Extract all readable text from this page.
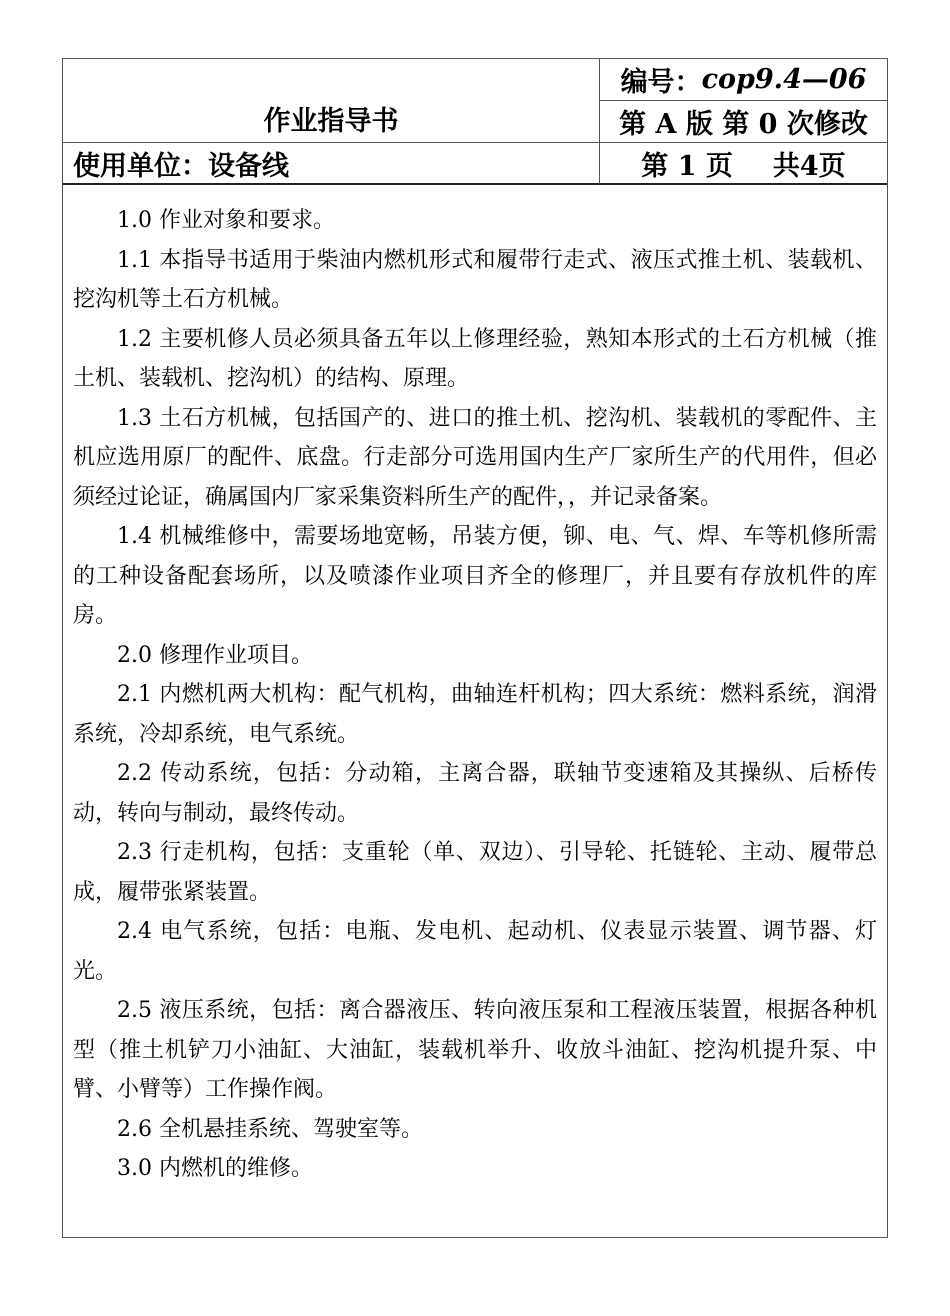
作业指导书
编号： cop9.4—06
第 A 版 第 0 次修改
使用单位：设备线	第 1 页 共4页

1.0 作业对象和要求。

1.1 本指导书适用于柴油内燃机形式和履带行走式、液压式推土机、装载机、挖沟机等土石方机械。

1.2 主要机修人员必须具备五年以上修理经验，熟知本形式的土石方机械（推土机、装载机、挖沟机）的结构、原理。

1.3 土石方机械，包括国产的、进口的推土机、挖沟机、装载机的零配件、主机应选用原厂的配件、底盘。行走部分可选用国内生产厂家所生产的代用件，但必须经过论证，确属国内厂家采集资料所生产的配件，，并记录备案。

1.4 机械维修中，需要场地宽畅，吊装方便，铆、电、气、焊、车等机修所需的工种设备配套场所，以及喷漆作业项目齐全的修理厂，并且要有存放机件的库房。

2.0 修理作业项目。

2.1 内燃机两大机构：配气机构，曲轴连杆机构；四大系统：燃料系统，润滑系统，冷却系统，电气系统。

2.2 传动系统，包括：分动箱，主离合器，联轴节变速箱及其操纵、后桥传动，转向与制动，最终传动。

2.3 行走机构，包括：支重轮（单、双边）、引导轮、托链轮、主动、履带总成，履带张紧装置。

2.4 电气系统，包括：电瓶、发电机、起动机、仪表显示装置、调节器、灯光。

2.5 液压系统，包括：离合器液压、转向液压泵和工程液压装置，根据各种机型（推土机铲刀小油缸、大油缸，装载机举升、收放斗油缸、挖沟机提升泵、中臂、小臂等）工作操作阀。

2.6 全机悬挂系统、驾驶室等。

3.0 内燃机的维修。
